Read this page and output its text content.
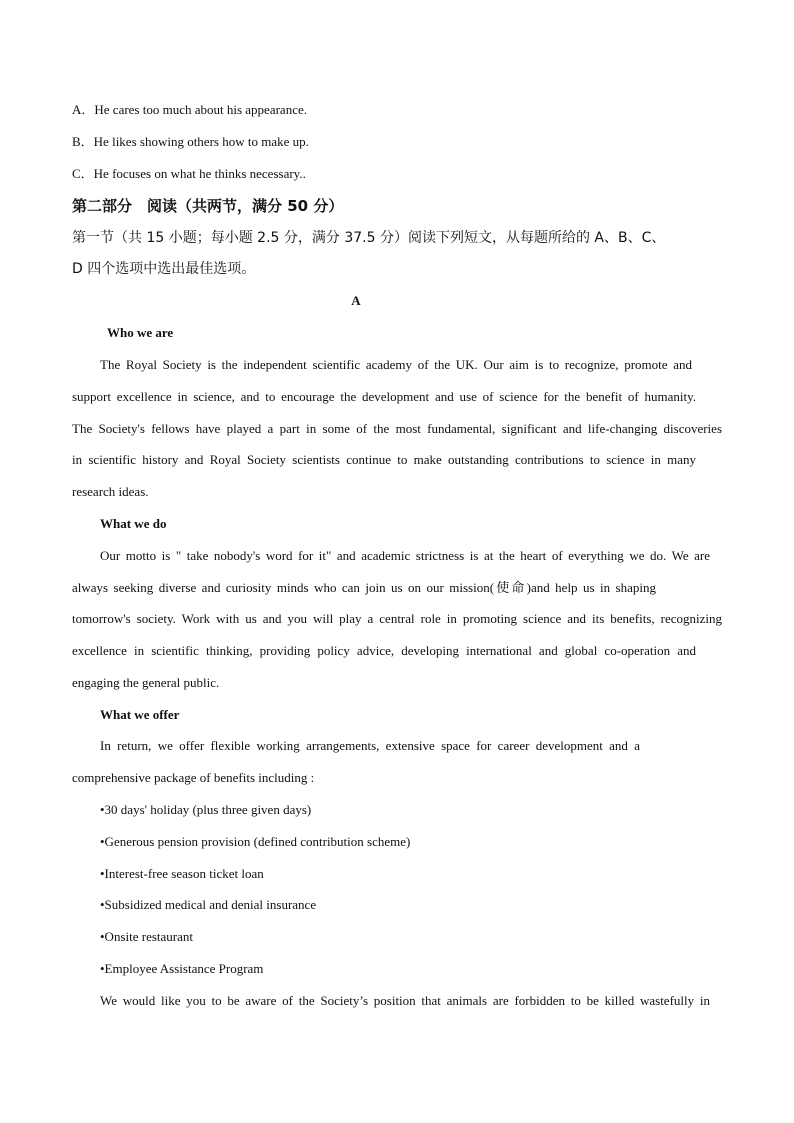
A．He cares too much about his appearance.
B．He likes showing others how to make up.
C．He focuses on what he thinks necessary..
第二部分　阅读（共两节，满分 50 分）
第一节（共 15 小题；每小题 2.5 分，满分 37.5 分）阅读下列短文，从每题所给的 A、B、C、
D 四个选项中选出最佳选项。
A
Who we are
The Royal Society is the independent scientific academy of the UK. Our aim is to recognize, promote and
support excellence in science, and to encourage the development and use of science for the benefit of humanity.
The Society's fellows have played a part in some of the most fundamental, significant and life-changing discoveries
in scientific history and Royal Society scientists continue to make outstanding contributions to science in many
research ideas.
What we do
Our motto is " take nobody's word for it" and academic strictness is at the heart of everything we do. We are
always seeking diverse and curiosity minds who can join us on our mission(使命)and help us in shaping
tomorrow's society. Work with us and you will play a central role in promoting science and its benefits, recognizing
excellence in scientific thinking, providing policy advice, developing international and global co-operation and
engaging the general public.
What we offer
In return, we offer flexible working arrangements, extensive space for career development and a
comprehensive package of benefits including :
•30 days' holiday (plus three given days)
•Generous pension provision (defined contribution scheme)
•Interest-free season ticket loan
•Subsidized medical and denial insurance
•Onsite restaurant
•Employee Assistance Program
We would like you to be aware of the Society’s position that animals are forbidden to be killed wastefully in
